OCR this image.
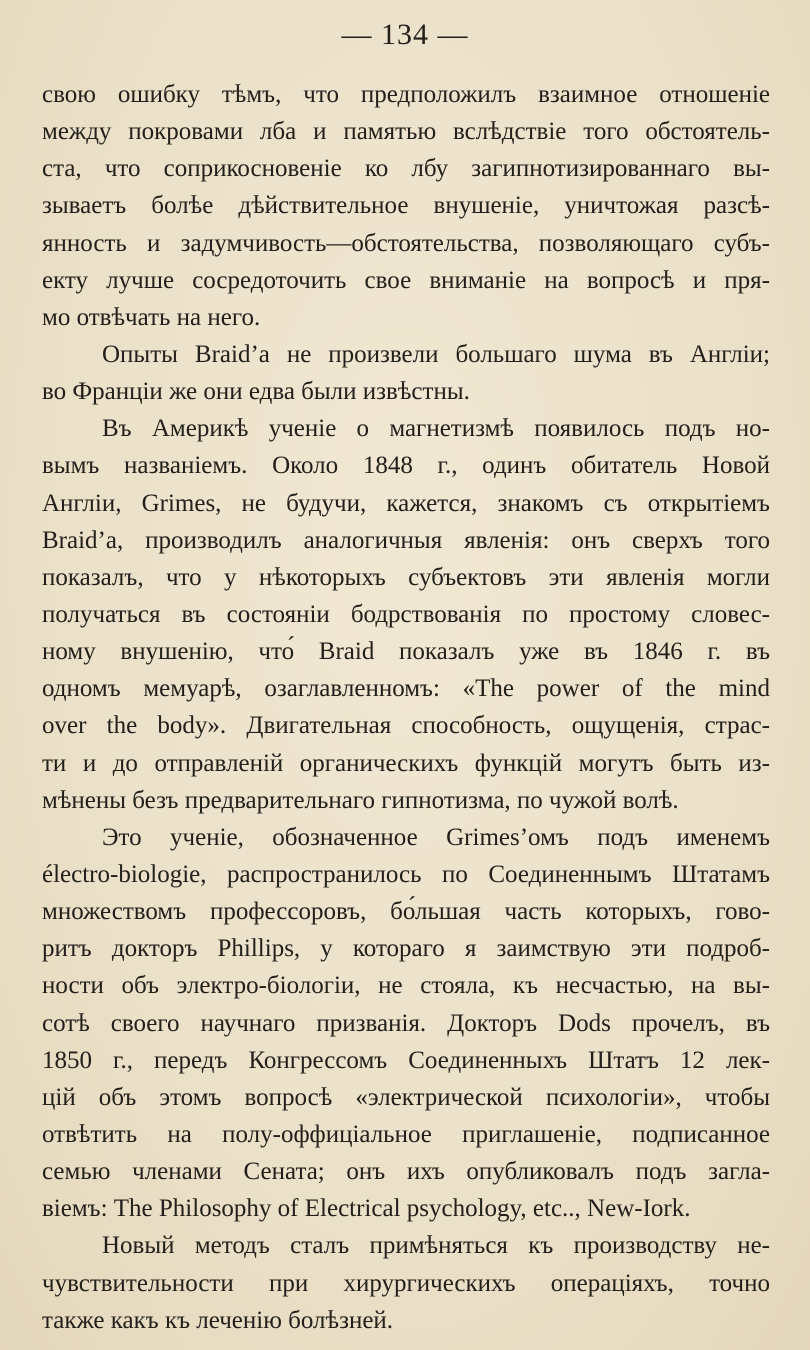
— 134 —
свою ошибку тѣмъ, что предположилъ взаимное отношеніе
между покровами лба и памятью вслѣдствіе того обстоятель-
ста, что соприкосновеніе ко лбу загипнотизированнаго вы-
зываетъ болѣе дѣйствительное внушеніе, уничтожая разсѣ-
янность и задумчивость—обстоятельства, позволяющаго субъ-
екту лучше сосредоточить свое вниманіе на вопросѣ и пря-
мо отвѣчать на него.
Опыты Braid’a не произвели большаго шума въ Англіи;
во Франціи же они едва были извѣстны.
Въ Америкѣ ученіе о магнетизмѣ появилось подъ но-
вымъ названіемъ. Около 1848 г., одинъ обитатель Новой
Англіи, Grimes, не будучи, кажется, знакомъ съ открытіемъ
Braid’a, производилъ аналогичныя явленія: онъ сверхъ того
показалъ, что у нѣкоторыхъ субъектовъ эти явленія могли
получаться въ состояніи бодрствованія по простому словес-
ному внушенію, что́ Braid показалъ уже въ 1846 г. въ
одномъ мемуарѣ, озаглавленномъ: «The power of the mind
over the body». Двигательная способность, ощущенія, страс-
ти и до отправленій органическихъ функцій могутъ быть из-
мѣнены безъ предварительнаго гипнотизма, по чужой волѣ.
Это ученіе, обозначенное Grimes’омъ подъ именемъ
électro-biologie, распространилось по Соединеннымъ Штатамъ
множествомъ профессоровъ, бо́льшая часть которыхъ, гово-
ритъ докторъ Phillips, у котораго я заимствую эти подроб-
ности объ электро-біологіи, не стояла, къ несчастью, на вы-
сотѣ своего научнаго призванія. Докторъ Dods прочелъ, въ
1850 г., передъ Конгрессомъ Соединенныхъ Штатъ 12 лек-
цій объ этомъ вопросѣ «электрической психологіи», чтобы
отвѣтить на полу-оффиціальное приглашеніе, подписанное
семью членами Сената; онъ ихъ опубликовалъ подъ загла-
віемъ: The Philosophy of Electrical psychology, etc.., New-Iork.
Новый методъ сталъ примѣняться къ производству не-
чувствительности при хирургическихъ операціяхъ, точно
также какъ къ леченію болѣзней.
